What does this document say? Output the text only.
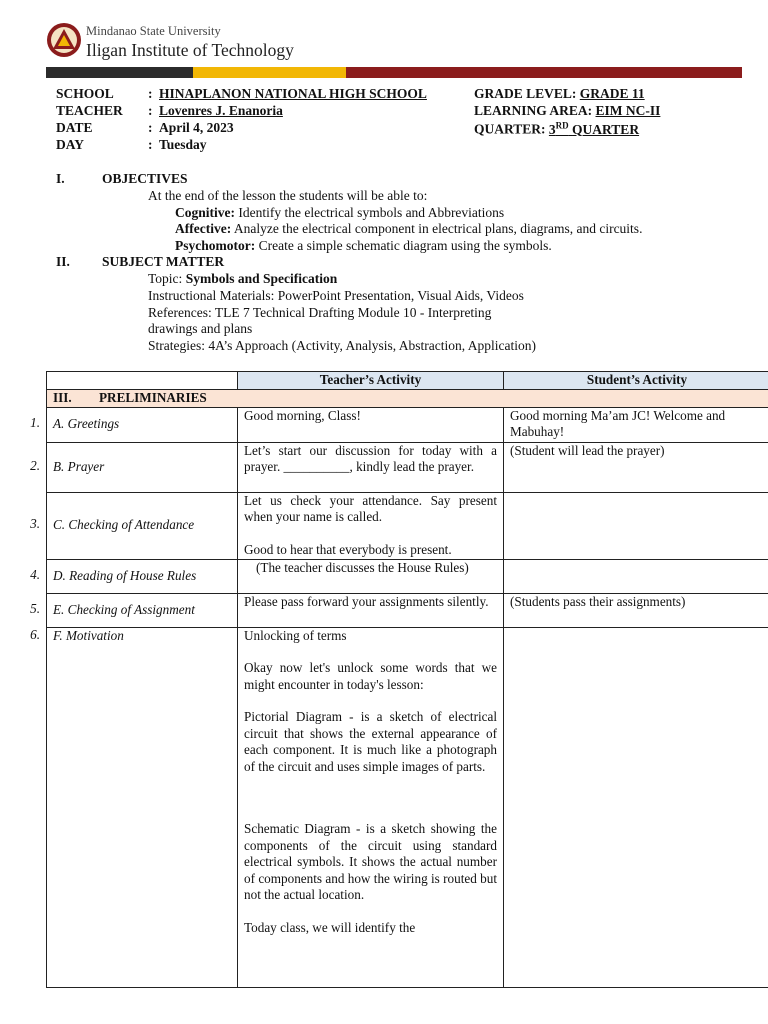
Mindanao State University
Iligan Institute of Technology
SCHOOL	: HINAPLANON NATIONAL HIGH SCHOOL
TEACHER : Lovenres J. Enanoria
DATE	: April 4, 2023
DAY	: Tuesday
GRADE LEVEL: GRADE 11
LEARNING AREA: EIM NC-II
QUARTER: 3RD QUARTER
I.	OBJECTIVES
At the end of the lesson the students will be able to:
Cognitive: Identify the electrical symbols and Abbreviations
Affective: Analyze the electrical component in electrical plans, diagrams, and circuits.
Psychomotor: Create a simple schematic diagram using the symbols.
II. SUBJECT MATTER
Topic: Symbols and Specification
Instructional Materials: PowerPoint Presentation, Visual Aids, Videos
References: TLE 7 Technical Drafting Module 10 - Interpreting
drawings and plans
Strategies: 4A’s Approach (Activity, Analysis, Abstraction, Application)
1.
2.
3.
4.
5.
6.
	Teacher’s Activity	Student’s Activity
III. PRELIMINARIES		
A. Greetings	Good morning, Class!	Good morning Ma’am JC! Welcome and Mabuhay!
B. Prayer	Let’s start our discussion for today with a prayer. __________, kindly lead the prayer.	(Student will lead the prayer)
C. Checking of Attendance	Let us check your attendance. Say present when your name is called.
Good to hear that everybody is present.	

D. Reading of House Rules	(The teacher discusses the House Rules)	
E. Checking of Assignment	Please pass forward your assignments silently.	(Students pass their assignments)
F. Motivation	Unlocking of terms
Okay now let's unlock some words that we might encounter in today's lesson:
Pictorial Diagram - is a sketch of electrical circuit that shows the external appearance of each component. It is much like a photograph of the circuit and uses simple images of parts.
Schematic Diagram - is a sketch showing the components of the circuit using standard electrical symbols. It shows the actual number of components and how the wiring is routed but not the actual location.
Today class, we will identify the	
